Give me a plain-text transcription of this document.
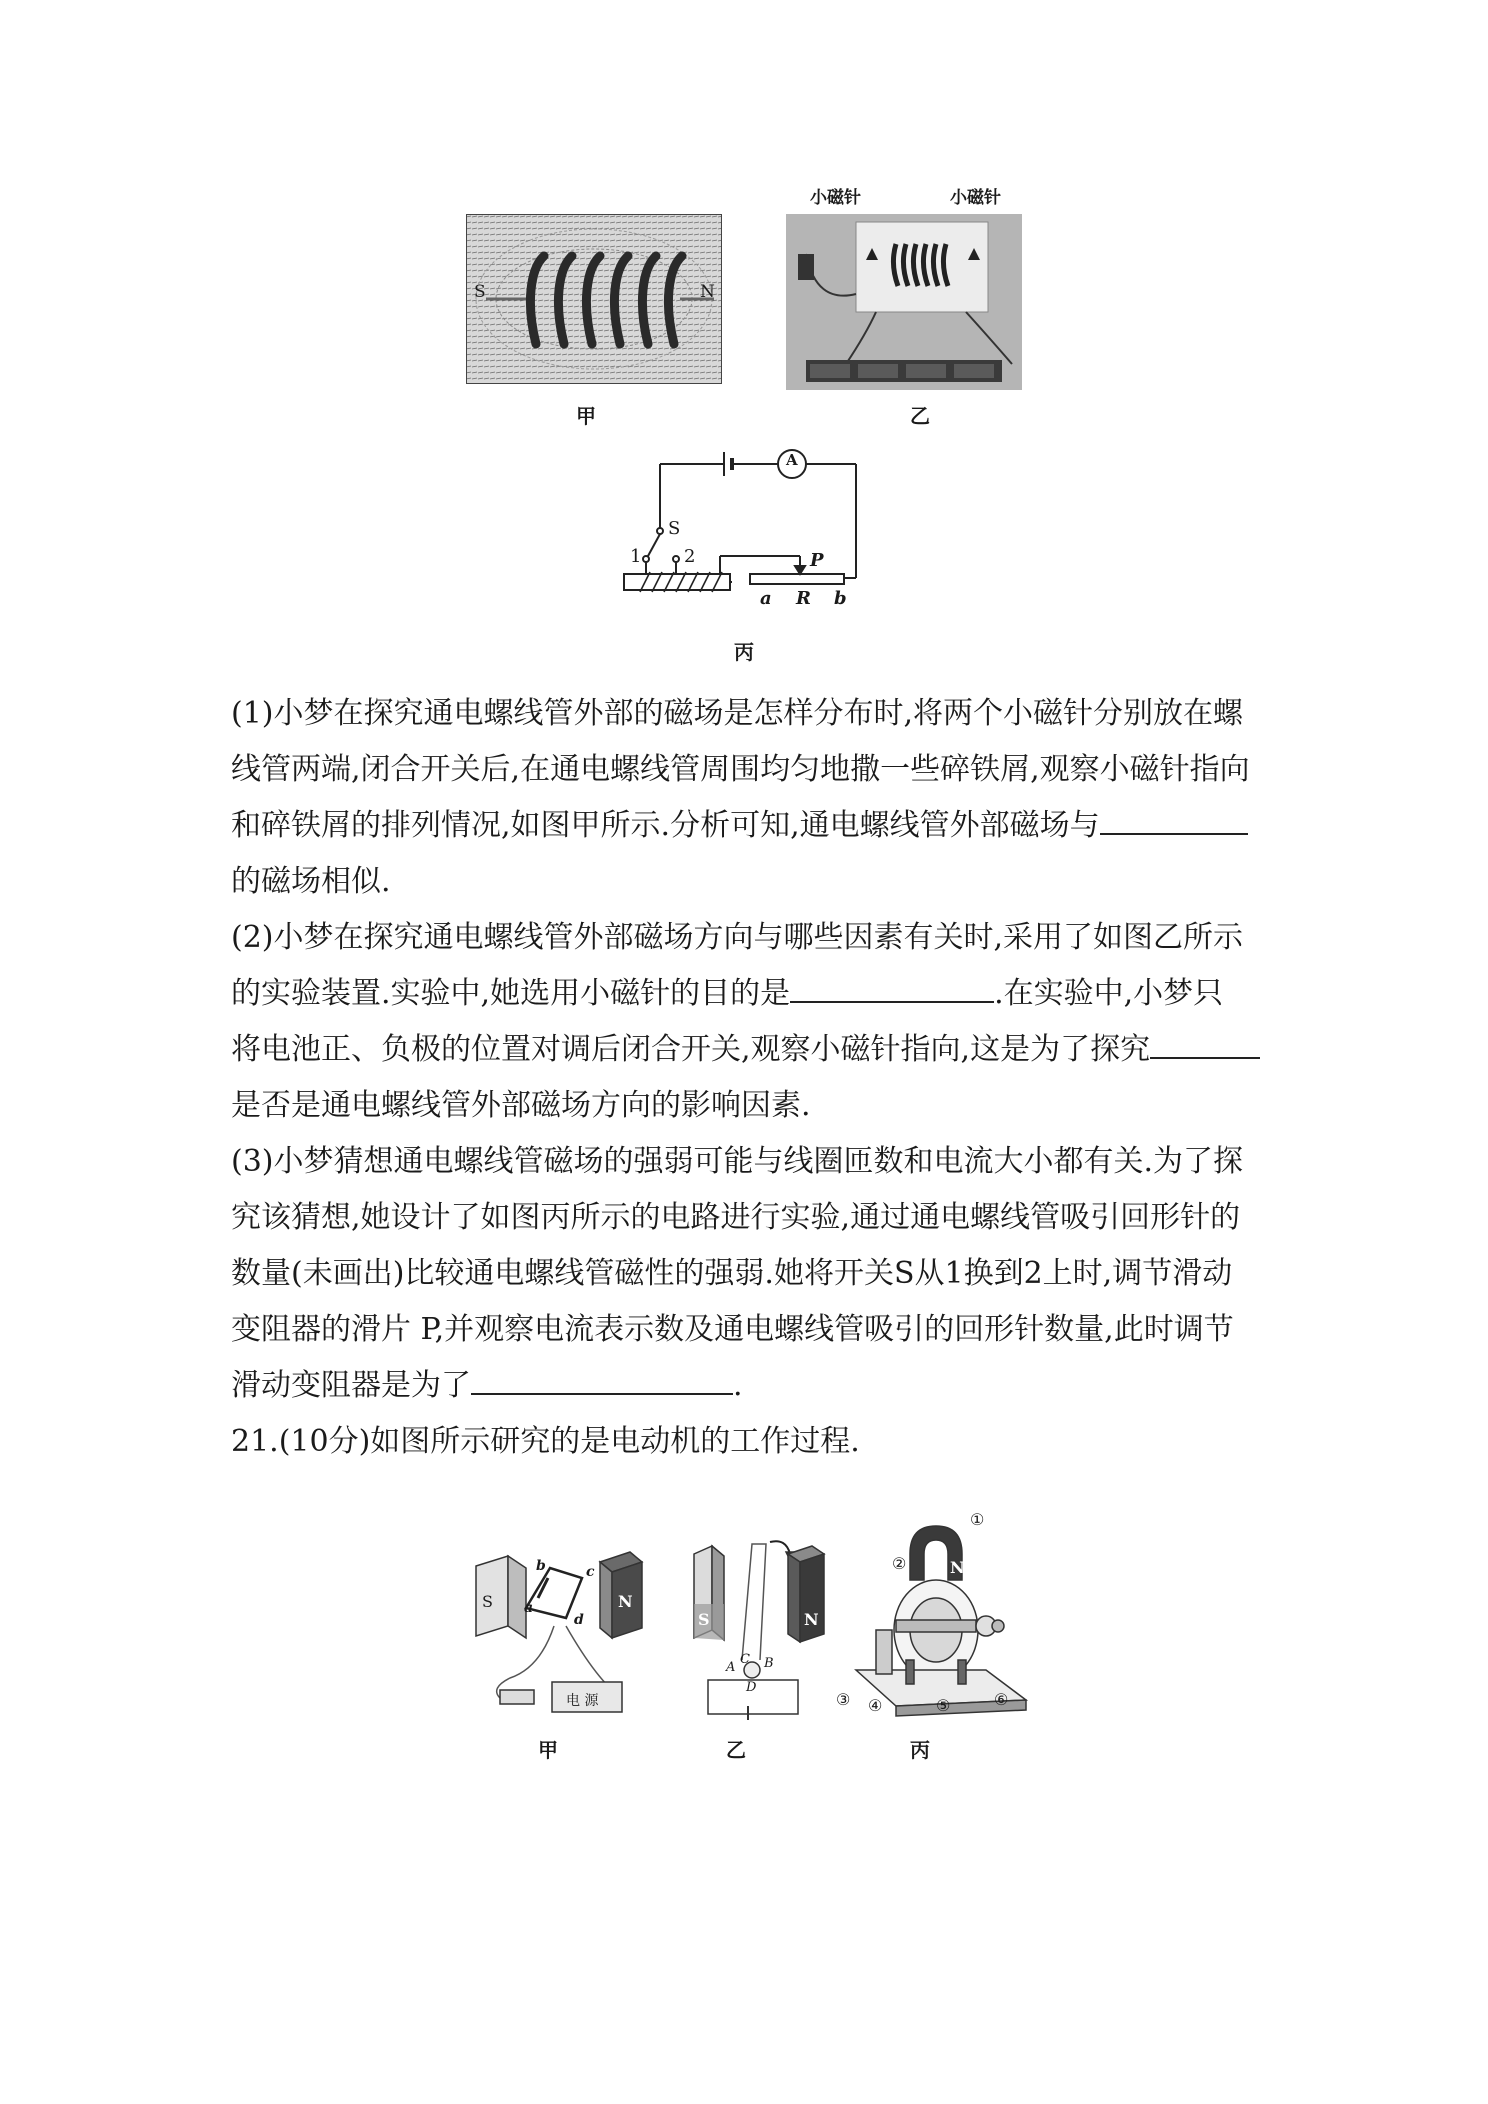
S	N
甲
小磁针	小磁针
乙
A
S
1 2	P
a R b
丙
(1)小梦在探究通电螺线管外部的磁场是怎样分布时,将两个小磁针分别放在螺
线管两端,闭合开关后,在通电螺线管周围均匀地撒一些碎铁屑,观察小磁针指向
和碎铁屑的排列情况,如图甲所示.分析可知,通电螺线管外部磁场与
的磁场相似.
(2)小梦在探究通电螺线管外部磁场方向与哪些因素有关时,采用了如图乙所示
的实验装置.实验中,她选用小磁针的目的是	.在实验中,小梦只
将电池正、负极的位置对调后闭合开关,观察小磁针指向,这是为了探究
是否是通电螺线管外部磁场方向的影响因素.
(3)小梦猜想通电螺线管磁场的强弱可能与线圈匝数和电流大小都有关.为了探
究该猜想,她设计了如图丙所示的电路进行实验,通过通电螺线管吸引回形针的
数量(未画出)比较通电螺线管磁性的强弱.她将开关S从1换到2上时,调节滑动
变阻器的滑片 P,并观察电流表示数及通电螺线管吸引的回形针数量,此时调节
滑动变阻器是为了	.
21.(10分)如图所示研究的是电动机的工作过程.
S	N
a
b	c
d
电 源
甲
S	N
A
C B
D
乙
①
②
③ ④	⑤	⑥
N
丙
